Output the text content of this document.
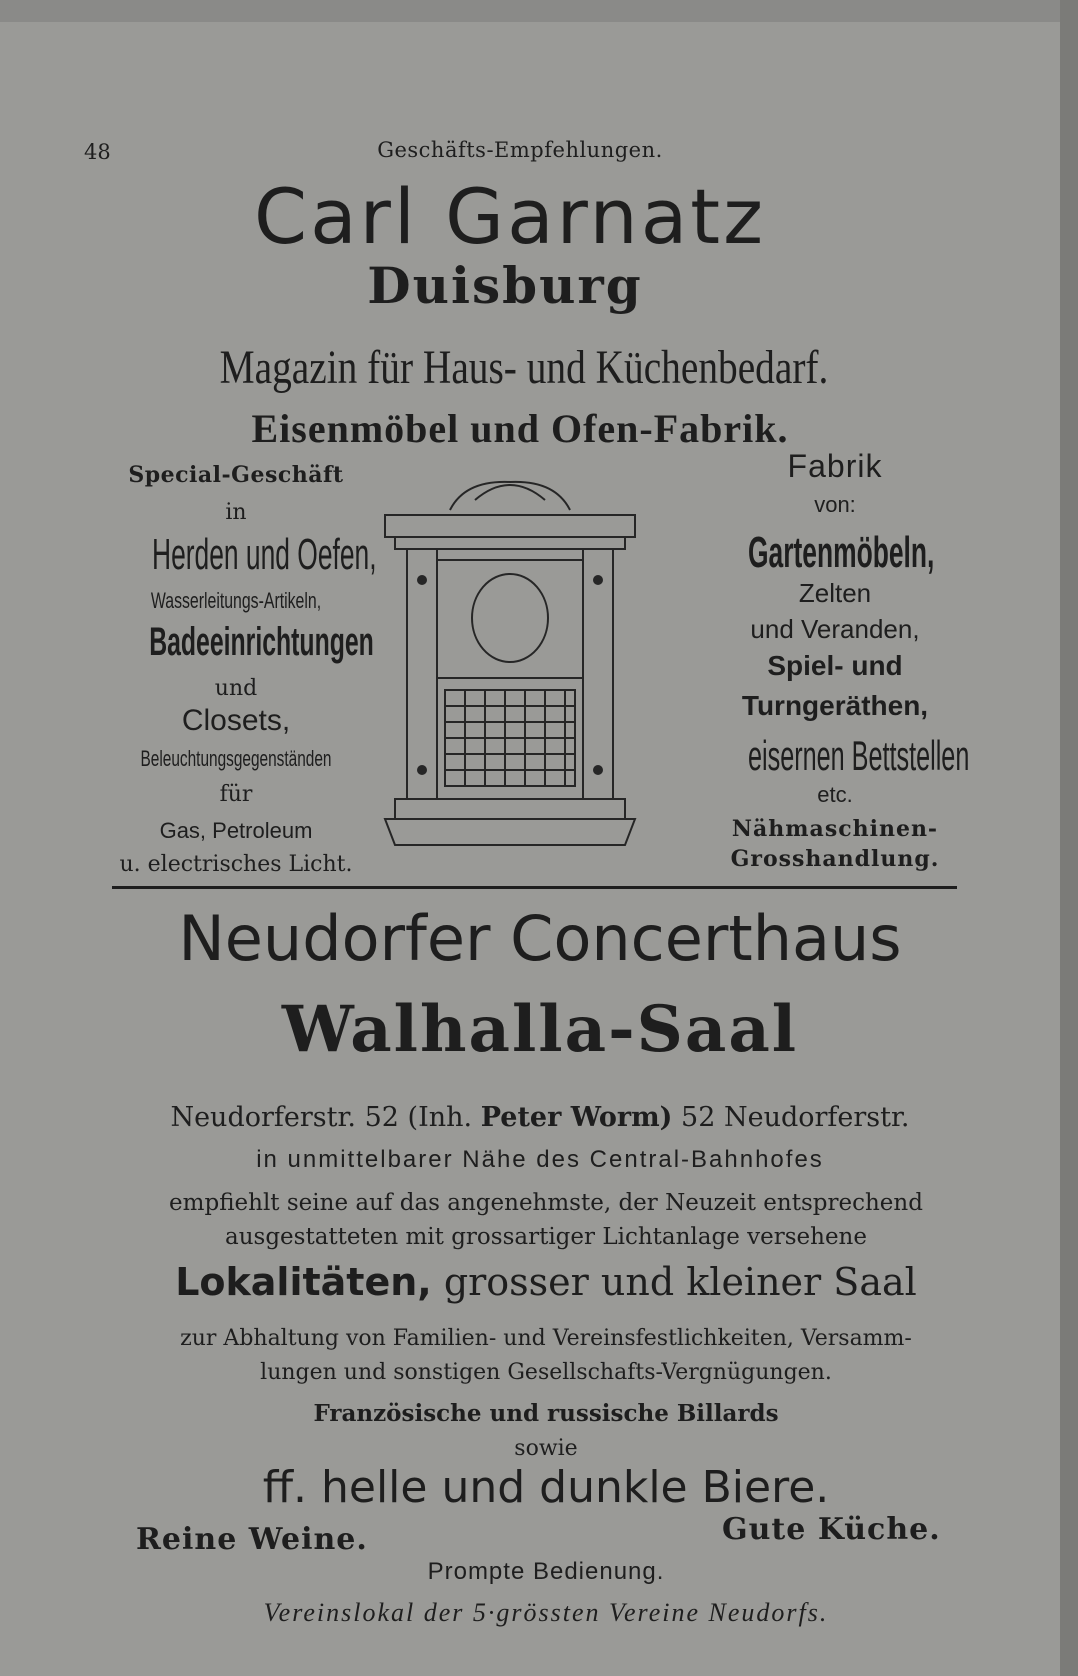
48	Geschäfts-Empfehlungen.
Carl Garnatz
Duisburg
Magazin für Haus- und Küchenbedarf.
Eisenmöbel und Ofen-Fabrik.
Special-Geschäft
in
Herden und Oefen,
Wasserleitungs-Artikeln,
Badeeinrichtungen
und
Closets,
Beleuchtungsgegenständen
für
Gas, Petroleum
u. electrisches Licht.
Fabrik
von:
Gartenmöbeln,
Zelten
und Veranden,
Spiel- und
Turngeräthen,
eisernen Bettstellen
etc.
Nähmaschinen-
Grosshandlung.
Neudorfer Concerthaus
Walhalla-Saal
Neudorferstr. 52 (Inh. Peter Worm) 52 Neudorferstr.
in unmittelbarer Nähe des Central-Bahnhofes
empfiehlt seine auf das angenehmste, der Neuzeit entsprechend
ausgestatteten mit grossartiger Lichtanlage versehene
Lokalitäten, grosser und kleiner Saal
zur Abhaltung von Familien- und Vereinsfestlichkeiten, Versamm-
lungen und sonstigen Gesellschafts-Vergnügungen.
Französische und russische Billards
sowie
ff. helle und dunkle Biere.
Reine Weine.	Gute Küche.
Prompte Bedienung.
Vereinslokal der 5·grössten Vereine Neudorfs.
